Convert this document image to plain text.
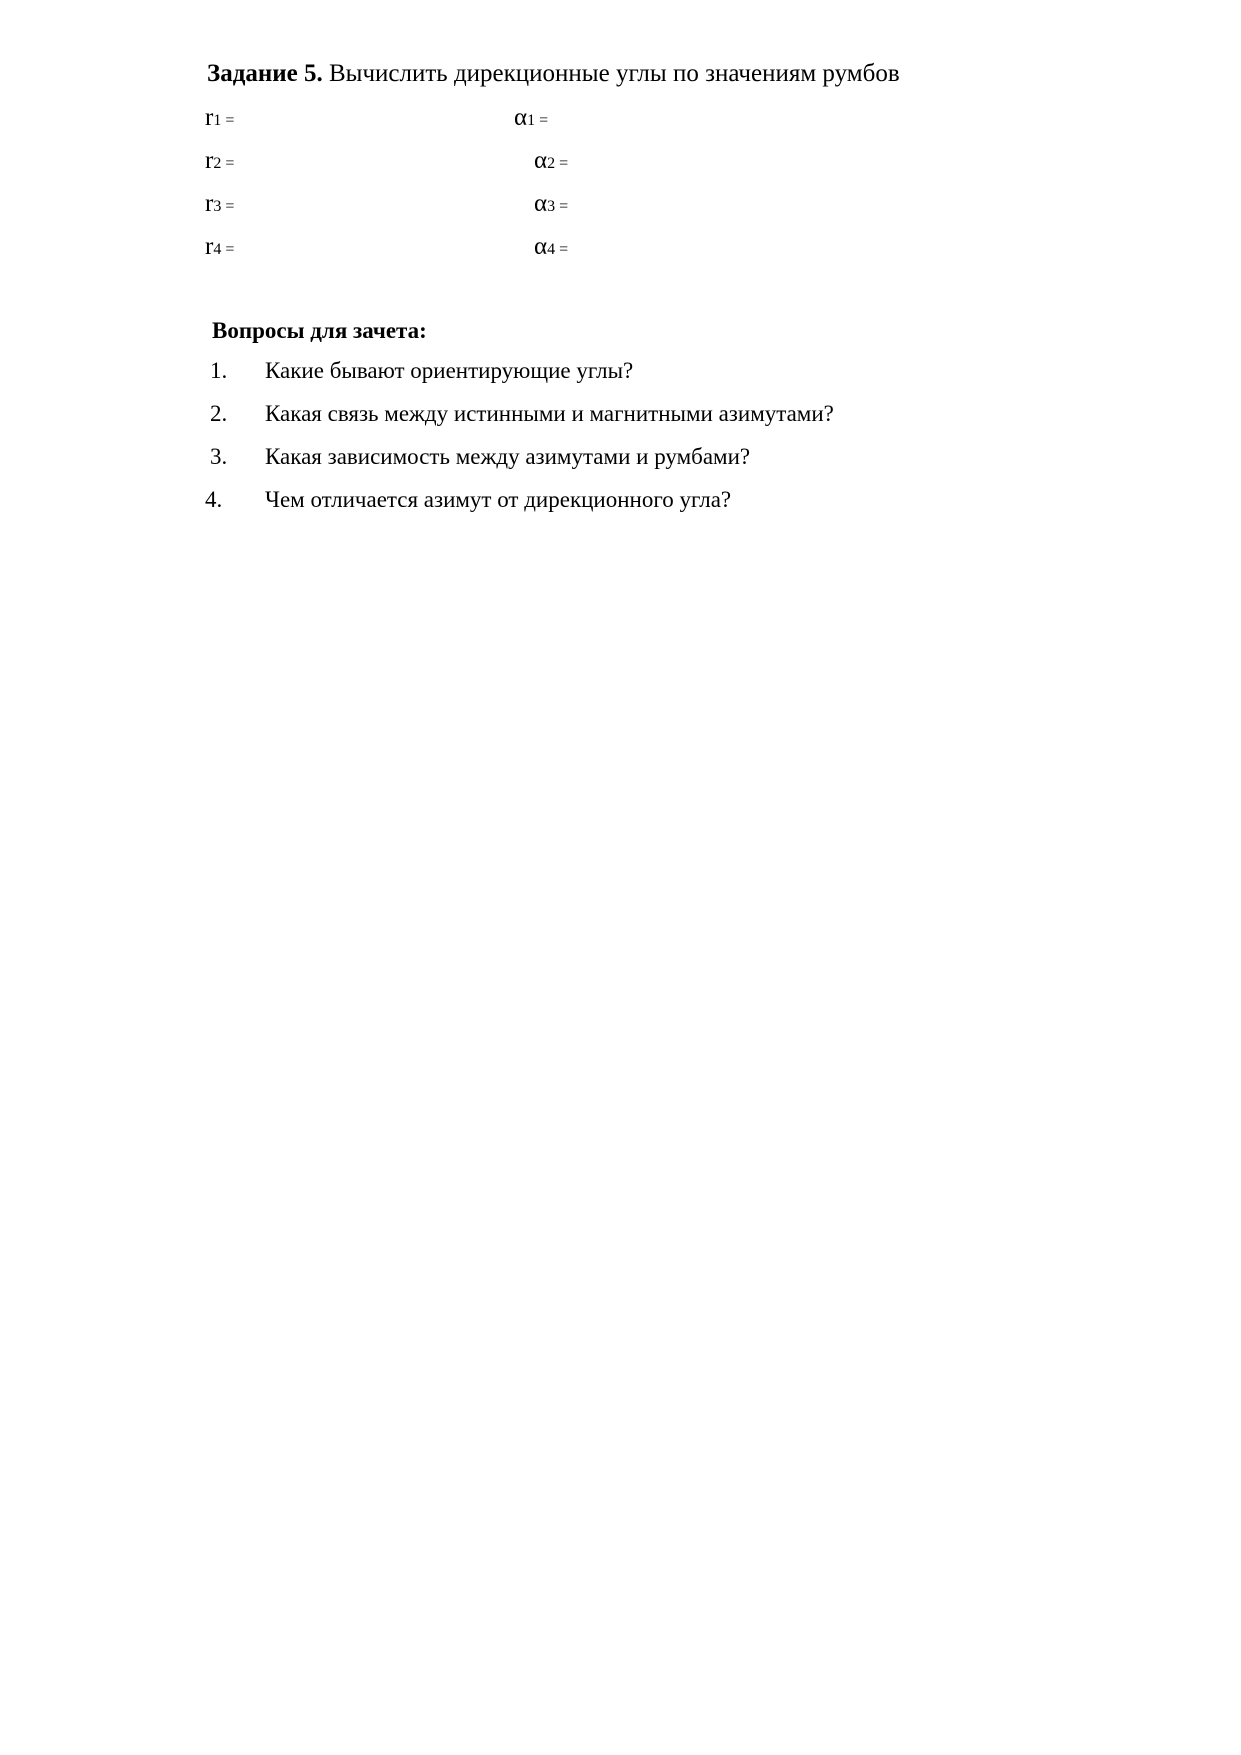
Задание 5. Вычислить дирекционные углы по значениям румбов
r1 =
r2 =
r3 =
r4 =
α1 =
α2 =
α3 =
α4 =
Вопросы для зачета:
1. Какие бывают ориентирующие углы?
2. Какая связь между истинными и магнитными азимутами?
3. Какая зависимость между азимутами и румбами?
4. Чем отличается азимут от дирекционного угла?
